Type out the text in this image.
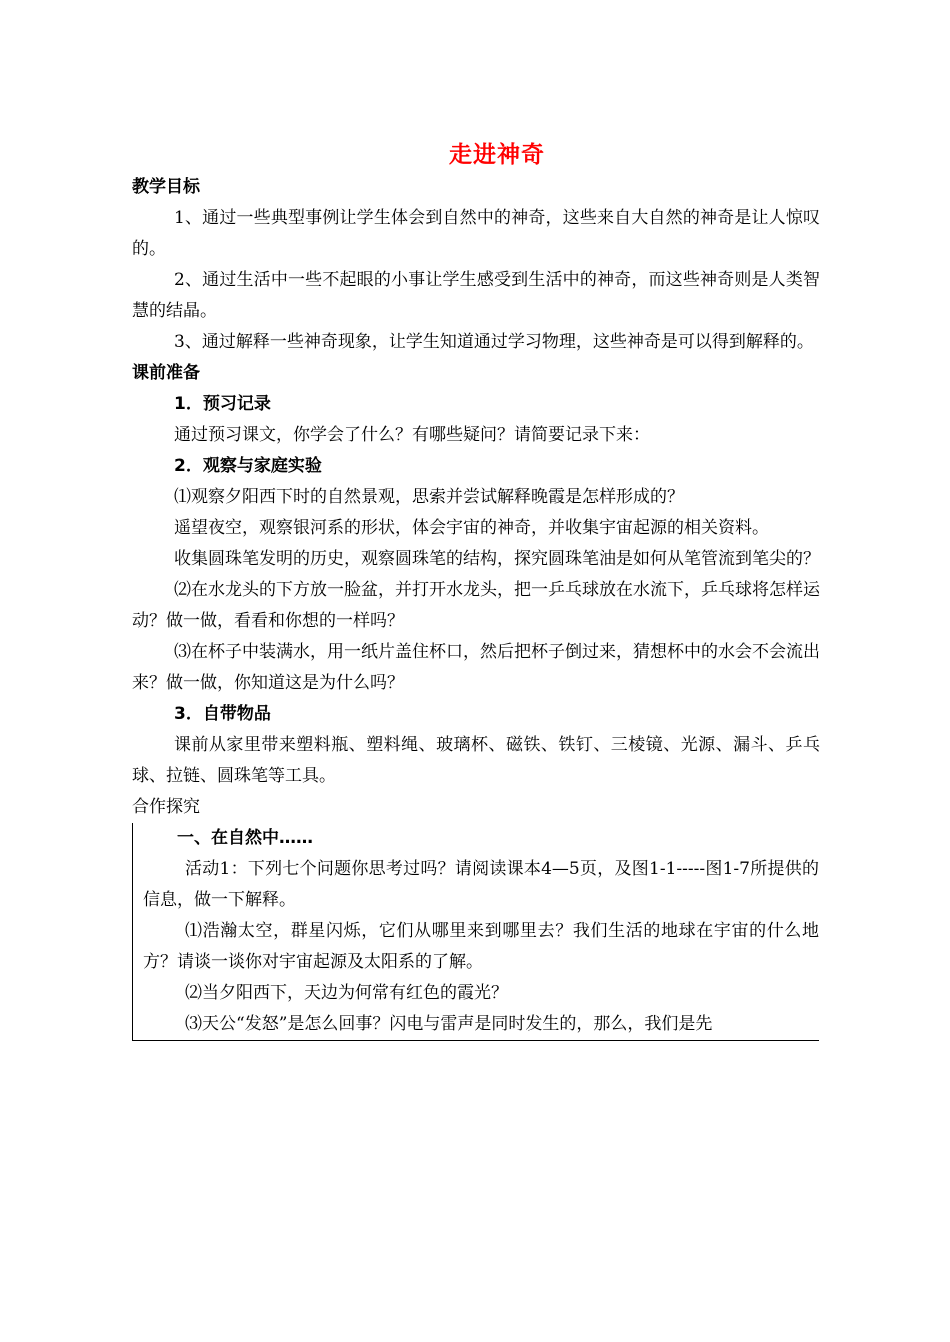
走进神奇
教学目标

1、通过一些典型事例让学生体会到自然中的神奇，这些来自大自然的神奇是让人惊叹的。

2、通过生活中一些不起眼的小事让学生感受到生活中的神奇，而这些神奇则是人类智慧的结晶。

3、通过解释一些神奇现象，让学生知道通过学习物理，这些神奇是可以得到解释的。

课前准备

1．预习记录

通过预习课文，你学会了什么？有哪些疑问？请简要记录下来：

2．观察与家庭实验

⑴观察夕阳西下时的自然景观，思索并尝试解释晚霞是怎样形成的？

遥望夜空，观察银河系的形状，体会宇宙的神奇，并收集宇宙起源的相关资料。

收集圆珠笔发明的历史，观察圆珠笔的结构，探究圆珠笔油是如何从笔管流到笔尖的？

⑵在水龙头的下方放一脸盆，并打开水龙头，把一乒乓球放在水流下，乒乓球将怎样运动？做一做，看看和你想的一样吗？

⑶在杯子中装满水，用一纸片盖住杯口，然后把杯子倒过来，猜想杯中的水会不会流出来？做一做，你知道这是为什么吗？

3．自带物品

课前从家里带来塑料瓶、塑料绳、玻璃杯、磁铁、铁钉、三棱镜、光源、漏斗、乒乓球、拉链、圆珠笔等工具。

合作探究

一、在自然中……

活动1：下列七个问题你思考过吗？请阅读课本4—5页，及图1-1-----图1-7所提供的信息，做一下解释。

⑴浩瀚太空，群星闪烁，它们从哪里来到哪里去？我们生活的地球在宇宙的什么地方？请谈一谈你对宇宙起源及太阳系的了解。

⑵当夕阳西下，天边为何常有红色的霞光？

⑶天公“发怒”是怎么回事？闪电与雷声是同时发生的，那么，我们是先
